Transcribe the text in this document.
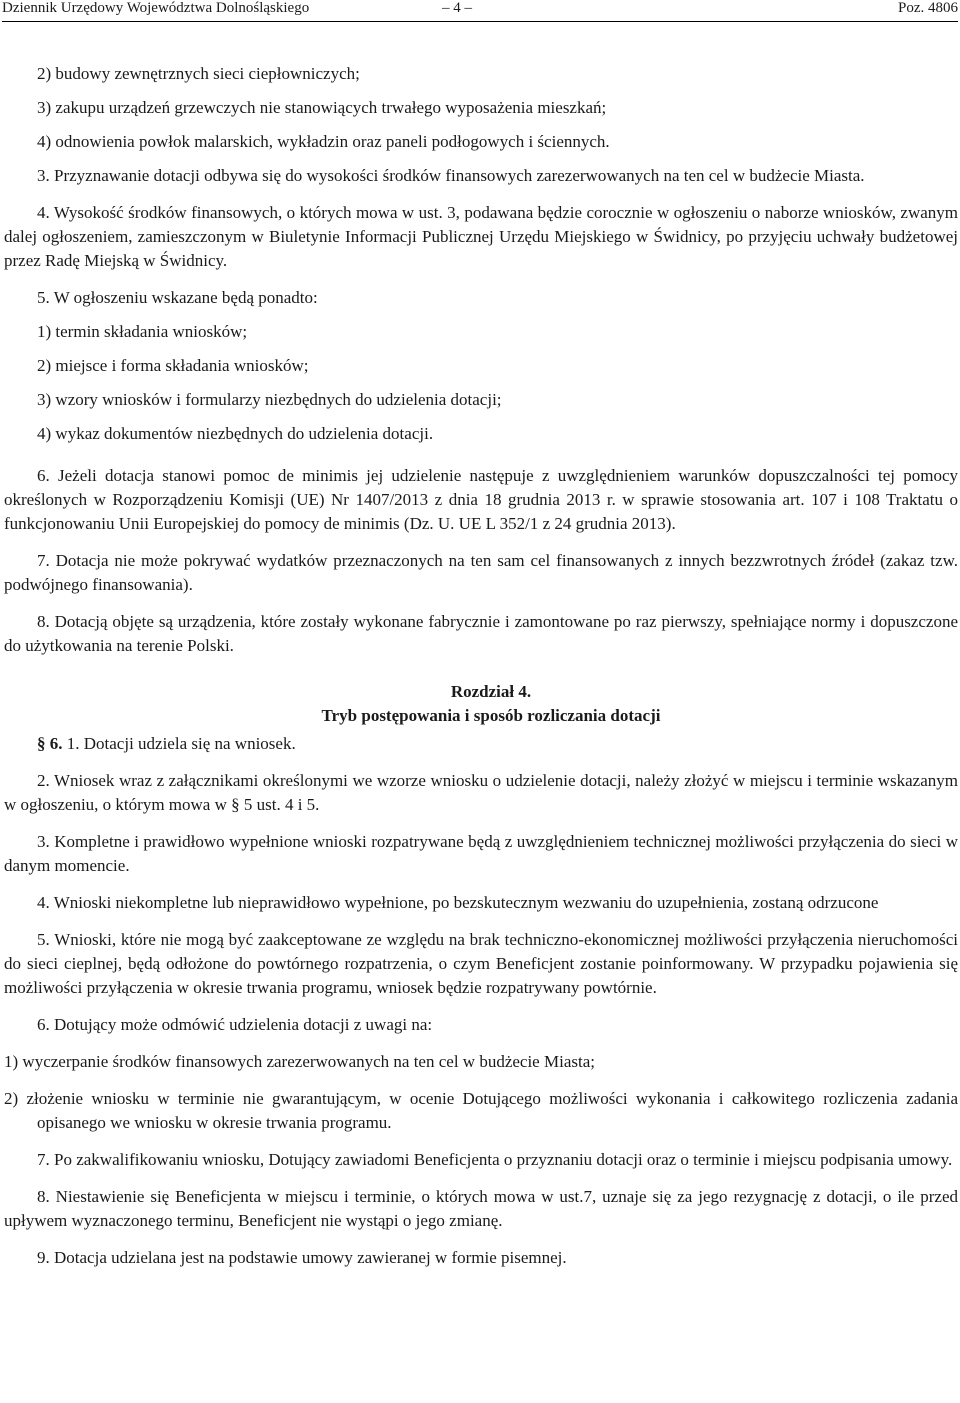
Dziennik Urzędowy Województwa Dolnośląskiego	– 4 –	Poz. 4806

2) budowy zewnętrznych sieci ciepłowniczych;

3) zakupu urządzeń grzewczych nie stanowiących trwałego wyposażenia mieszkań;

4) odnowienia powłok malarskich, wykładzin oraz paneli podłogowych i ściennych.

3. Przyznawanie dotacji odbywa się do wysokości środków finansowych zarezerwowanych na ten cel w budżecie Miasta.

4. Wysokość środków finansowych, o których mowa w ust. 3, podawana będzie corocznie w ogłoszeniu o naborze wniosków, zwanym dalej ogłoszeniem, zamieszczonym w Biuletynie Informacji Publicznej Urzędu Miejskiego w Świdnicy, po przyjęciu uchwały budżetowej przez Radę Miejską w Świdnicy.

5. W ogłoszeniu wskazane będą ponadto:

1) termin składania wniosków;

2) miejsce i forma składania wniosków;

3) wzory wniosków i formularzy niezbędnych do udzielenia dotacji;

4) wykaz dokumentów niezbędnych do udzielenia dotacji.

6. Jeżeli dotacja stanowi pomoc de minimis jej udzielenie następuje z uwzględnieniem warunków dopuszczalności tej pomocy określonych w Rozporządzeniu Komisji (UE) Nr 1407/2013 z dnia 18 grudnia 2013 r. w sprawie stosowania art. 107 i 108 Traktatu o funkcjonowaniu Unii Europejskiej do pomocy de minimis (Dz. U. UE L 352/1 z 24 grudnia 2013).

7. Dotacja nie może pokrywać wydatków przeznaczonych na ten sam cel finansowanych z innych bezzwrotnych źródeł (zakaz tzw. podwójnego finansowania).

8. Dotacją objęte są urządzenia, które zostały wykonane fabrycznie i zamontowane po raz pierwszy, spełniające normy i dopuszczone do użytkowania na terenie Polski.

Rozdział 4.
Tryb postępowania i sposób rozliczania dotacji

§ 6. 1. Dotacji udziela się na wniosek.

2. Wniosek wraz z załącznikami określonymi we wzorze wniosku o udzielenie dotacji, należy złożyć w miejscu i terminie wskazanym w ogłoszeniu, o którym mowa w § 5 ust. 4 i 5.

3. Kompletne i prawidłowo wypełnione wnioski rozpatrywane będą z uwzględnieniem technicznej możliwości przyłączenia do sieci w danym momencie.

4. Wnioski niekompletne lub nieprawidłowo wypełnione, po bezskutecznym wezwaniu do uzupełnienia, zostaną odrzucone

5. Wnioski, które nie mogą być zaakceptowane ze względu na brak techniczno-ekonomicznej możliwości przyłączenia nieruchomości do sieci cieplnej, będą odłożone do powtórnego rozpatrzenia, o czym Beneficjent zostanie poinformowany. W przypadku pojawienia się możliwości przyłączenia w okresie trwania programu, wniosek będzie rozpatrywany powtórnie.

6. Dotujący może odmówić udzielenia dotacji z uwagi na:

1) wyczerpanie środków finansowych zarezerwowanych na ten cel w budżecie Miasta;

2) złożenie wniosku w terminie nie gwarantującym, w ocenie Dotującego możliwości wykonania i całkowitego rozliczenia zadania opisanego we wniosku w okresie trwania programu.

7. Po zakwalifikowaniu wniosku, Dotujący zawiadomi Beneficjenta o przyznaniu dotacji oraz o terminie i miejscu podpisania umowy.

8. Niestawienie się Beneficjenta w miejscu i terminie, o których mowa w ust.7, uznaje się za jego rezygnację z dotacji, o ile przed upływem wyznaczonego terminu, Beneficjent nie wystąpi o jego zmianę.

9. Dotacja udzielana jest na podstawie umowy zawieranej w formie pisemnej.
